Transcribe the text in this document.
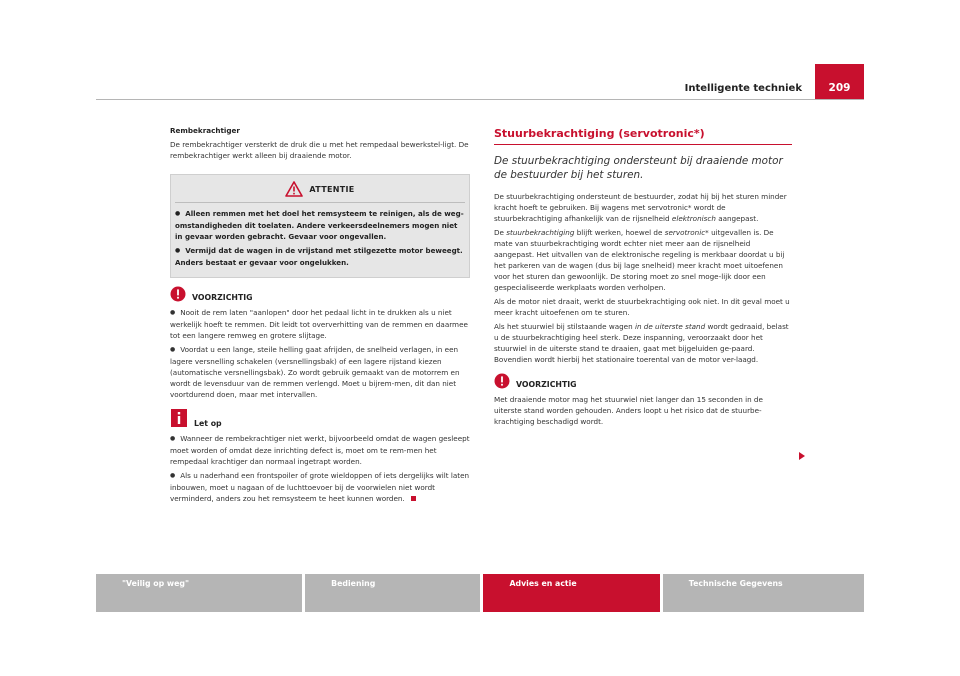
Intelligente techniek	209
Rembekrachtiger

De rembekrachtiger versterkt de druk die u met het rempedaal bewerkstel-ligt. De rembekrachtiger werkt alleen bij draaiende motor.

ATTENTIE

● Alleen remmen met het doel het remsysteem te reinigen, als de weg-omstandigheden dit toelaten. Andere verkeersdeelnemers mogen niet in gevaar worden gebracht. Gevaar voor ongevallen.

● Vermijd dat de wagen in de vrijstand met stilgezette motor beweegt. Anders bestaat er gevaar voor ongelukken.

VOORZICHTIG

● Nooit de rem laten "aanlopen" door het pedaal licht in te drukken als u niet werkelijk hoeft te remmen. Dit leidt tot oververhitting van de remmen en daarmee tot een langere remweg en grotere slijtage.

● Voordat u een lange, steile helling gaat afrijden, de snelheid verlagen, in een lagere versnelling schakelen (versnellingsbak) of een lagere rijstand kiezen (automatische versnellingsbak). Zo wordt gebruik gemaakt van de motorrem en wordt de levensduur van de remmen verlengd. Moet u bijrem-men, dit dan niet voortdurend doen, maar met intervallen.

Let op

● Wanneer de rembekrachtiger niet werkt, bijvoorbeeld omdat de wagen gesleept moet worden of omdat deze inrichting defect is, moet om te rem-men het rempedaal krachtiger dan normaal ingetrapt worden.

● Als u naderhand een frontspoiler of grote wieldoppen of iets dergelijks wilt laten inbouwen, moet u nagaan of de luchttoevoer bij de voorwielen niet wordt verminderd, anders zou het remsysteem te heet kunnen worden.

Stuurbekrachtiging (servotronic*)
De stuurbekrachtiging ondersteunt bij draaiende motor de bestuurder bij het sturen.

De stuurbekrachtiging ondersteunt de bestuurder, zodat hij bij het sturen minder kracht hoeft te gebruiken. Bij wagens met servotronic* wordt de stuurbekrachtiging afhankelijk van de rijsnelheid elektronisch aangepast.

De stuurbekrachtiging blijft werken, hoewel de servotronic* uitgevallen is. De mate van stuurbekrachtiging wordt echter niet meer aan de rijsnelheid aangepast. Het uitvallen van de elektronische regeling is merkbaar doordat u bij het parkeren van de wagen (dus bij lage snelheid) meer kracht moet uitoefenen voor het sturen dan gewoonlijk. De storing moet zo snel moge-lijk door een gespecialiseerde werkplaats worden verholpen.

Als de motor niet draait, werkt de stuurbekrachtiging ook niet. In dit geval moet u meer kracht uitoefenen om te sturen.

Als het stuurwiel bij stilstaande wagen in de uiterste stand wordt gedraaid, belast u de stuurbekrachtiging heel sterk. Deze inspanning, veroorzaakt door het stuurwiel in de uiterste stand te draaien, gaat met bijgeluiden ge-paard. Bovendien wordt hierbij het stationaire toerental van de motor ver-laagd.

VOORZICHTIG

Met draaiende motor mag het stuurwiel niet langer dan 15 seconden in de uiterste stand worden gehouden. Anders loopt u het risico dat de stuurbe-krachtiging beschadigd wordt.

"Veilig op weg"	Bediening	Advies en actie	Technische Gegevens
